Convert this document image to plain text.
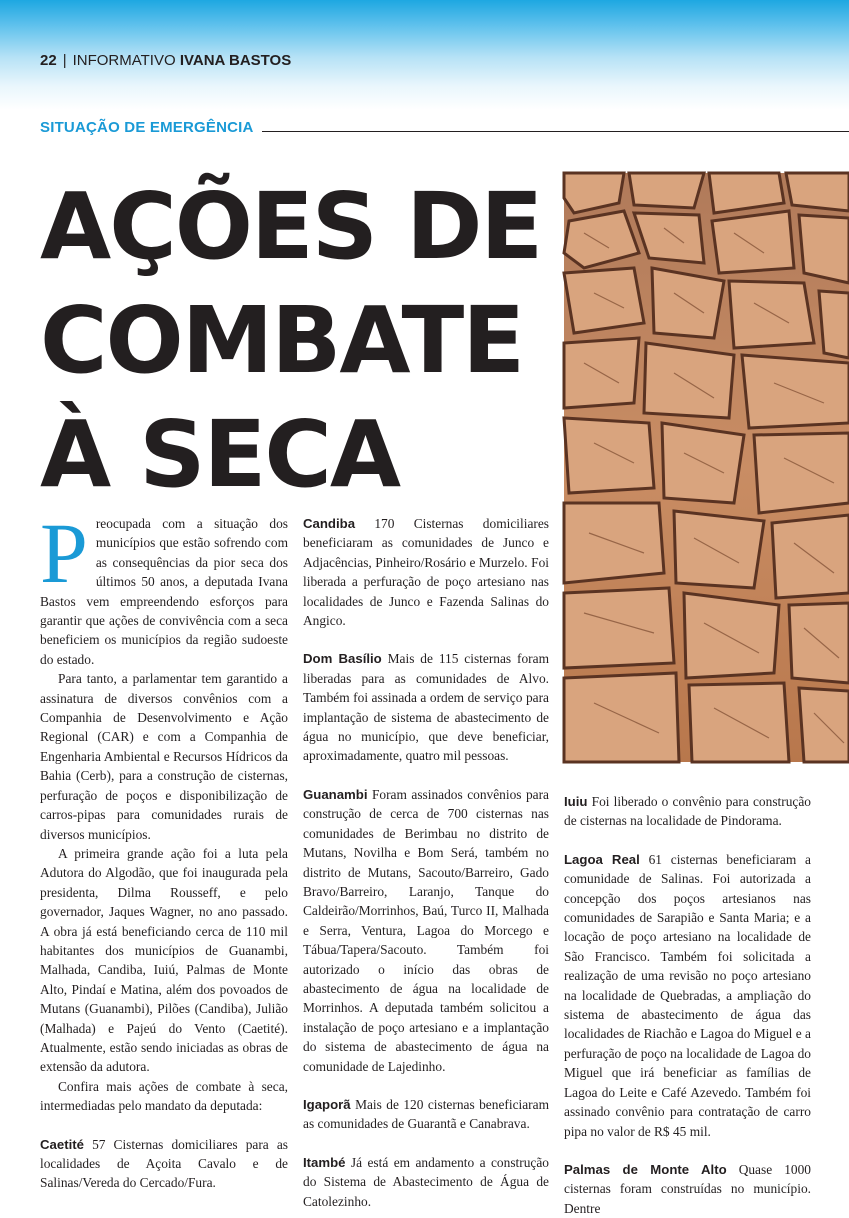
22 | INFORMATIVO IVANA BASTOS
SITUAÇÃO DE EMERGÊNCIA
AÇÕES DE
COMBATE
À SECA

Preocupada com a situação dos municípios que estão sofrendo com as consequências da pior seca dos últimos 50 anos, a deputada Ivana Bastos vem empreendendo esforços para garantir que ações de convivência com a seca beneficiem os municípios da região sudoeste do estado.

Para tanto, a parlamentar tem garantido a assinatura de diversos convênios com a Companhia de Desenvolvimento e Ação Regional (CAR) e com a Companhia de Engenharia Ambiental e Recursos Hídricos da Bahia (Cerb), para a construção de cisternas, perfuração de poços e disponibilização de carros-pipas para comunidades rurais de diversos municípios.

A primeira grande ação foi a luta pela Adutora do Algodão, que foi inaugurada pela presidenta, Dilma Rousseff, e pelo governador, Jaques Wagner, no ano passado. A obra já está beneficiando cerca de 110 mil habitantes dos municípios de Guanambi, Malhada, Candiba, Iuiú, Palmas de Monte Alto, Pindaí e Matina, além dos povoados de Mutans (Guanambi), Pilões (Candiba), Julião (Malhada) e Pajeú do Vento (Caetité). Atualmente, estão sendo iniciadas as obras de extensão da adutora.

Confira mais ações de combate à seca, intermediadas pelo mandato da deputada:

Caetité 57 Cisternas domiciliares para as localidades de Açoita Cavalo e de Salinas/Vereda do Cercado/Fura.

Candiba 170 Cisternas domiciliares beneficiaram as comunidades de Junco e Adjacências, Pinheiro/Rosário e Murzelo. Foi liberada a perfuração de poço artesiano nas localidades de Junco e Fazenda Salinas do Angico.

Dom Basílio Mais de 115 cisternas foram liberadas para as comunidades de Alvo. Também foi assinada a ordem de serviço para implantação de sistema de abastecimento de água no município, que deve beneficiar, aproximadamente, quatro mil pessoas.

Guanambi Foram assinados convênios para construção de cerca de 700 cisternas nas comunidades de Berimbau no distrito de Mutans, Novilha e Bom Será, também no distrito de Mutans, Sacouto/Barreiro, Gado Bravo/Barreiro, Laranjo, Tanque do Caldeirão/Morrinhos, Baú, Turco II, Malhada e Serra, Ventura, Lagoa do Morcego e Tábua/Tapera/Sacouto. Também foi autorizado o início das obras de abastecimento de água na localidade de Morrinhos. A deputada também solicitou a instalação de poço artesiano e a implantação do sistema de abastecimento de água na comunidade de Lajedinho.

Igaporã Mais de 120 cisternas beneficiaram as comunidades de Guarantã e Canabrava.

Itambé Já está em andamento a construção do Sistema de Abastecimento de Água de Catolezinho.

Iuiu Foi liberado o convênio para construção de cisternas na localidade de Pindorama.

Lagoa Real 61 cisternas beneficiaram a comunidade de Salinas. Foi autorizada a concepção dos poços artesianos nas comunidades de Sarapião e Santa Maria; e a locação de poço artesiano na localidade de São Francisco. Também foi solicitada a realização de uma revisão no poço artesiano na localidade de Quebradas, a ampliação do sistema de abastecimento de água das localidades de Riachão e Lagoa do Miguel e a perfuração de poço na localidade de Lagoa do Miguel que irá beneficiar as famílias de Lagoa do Leite e Café Azevedo. Também foi assinado convênio para contratação de carro pipa no valor de R$ 45 mil.

Palmas de Monte Alto Quase 1000 cisternas foram construídas no município. Dentre
